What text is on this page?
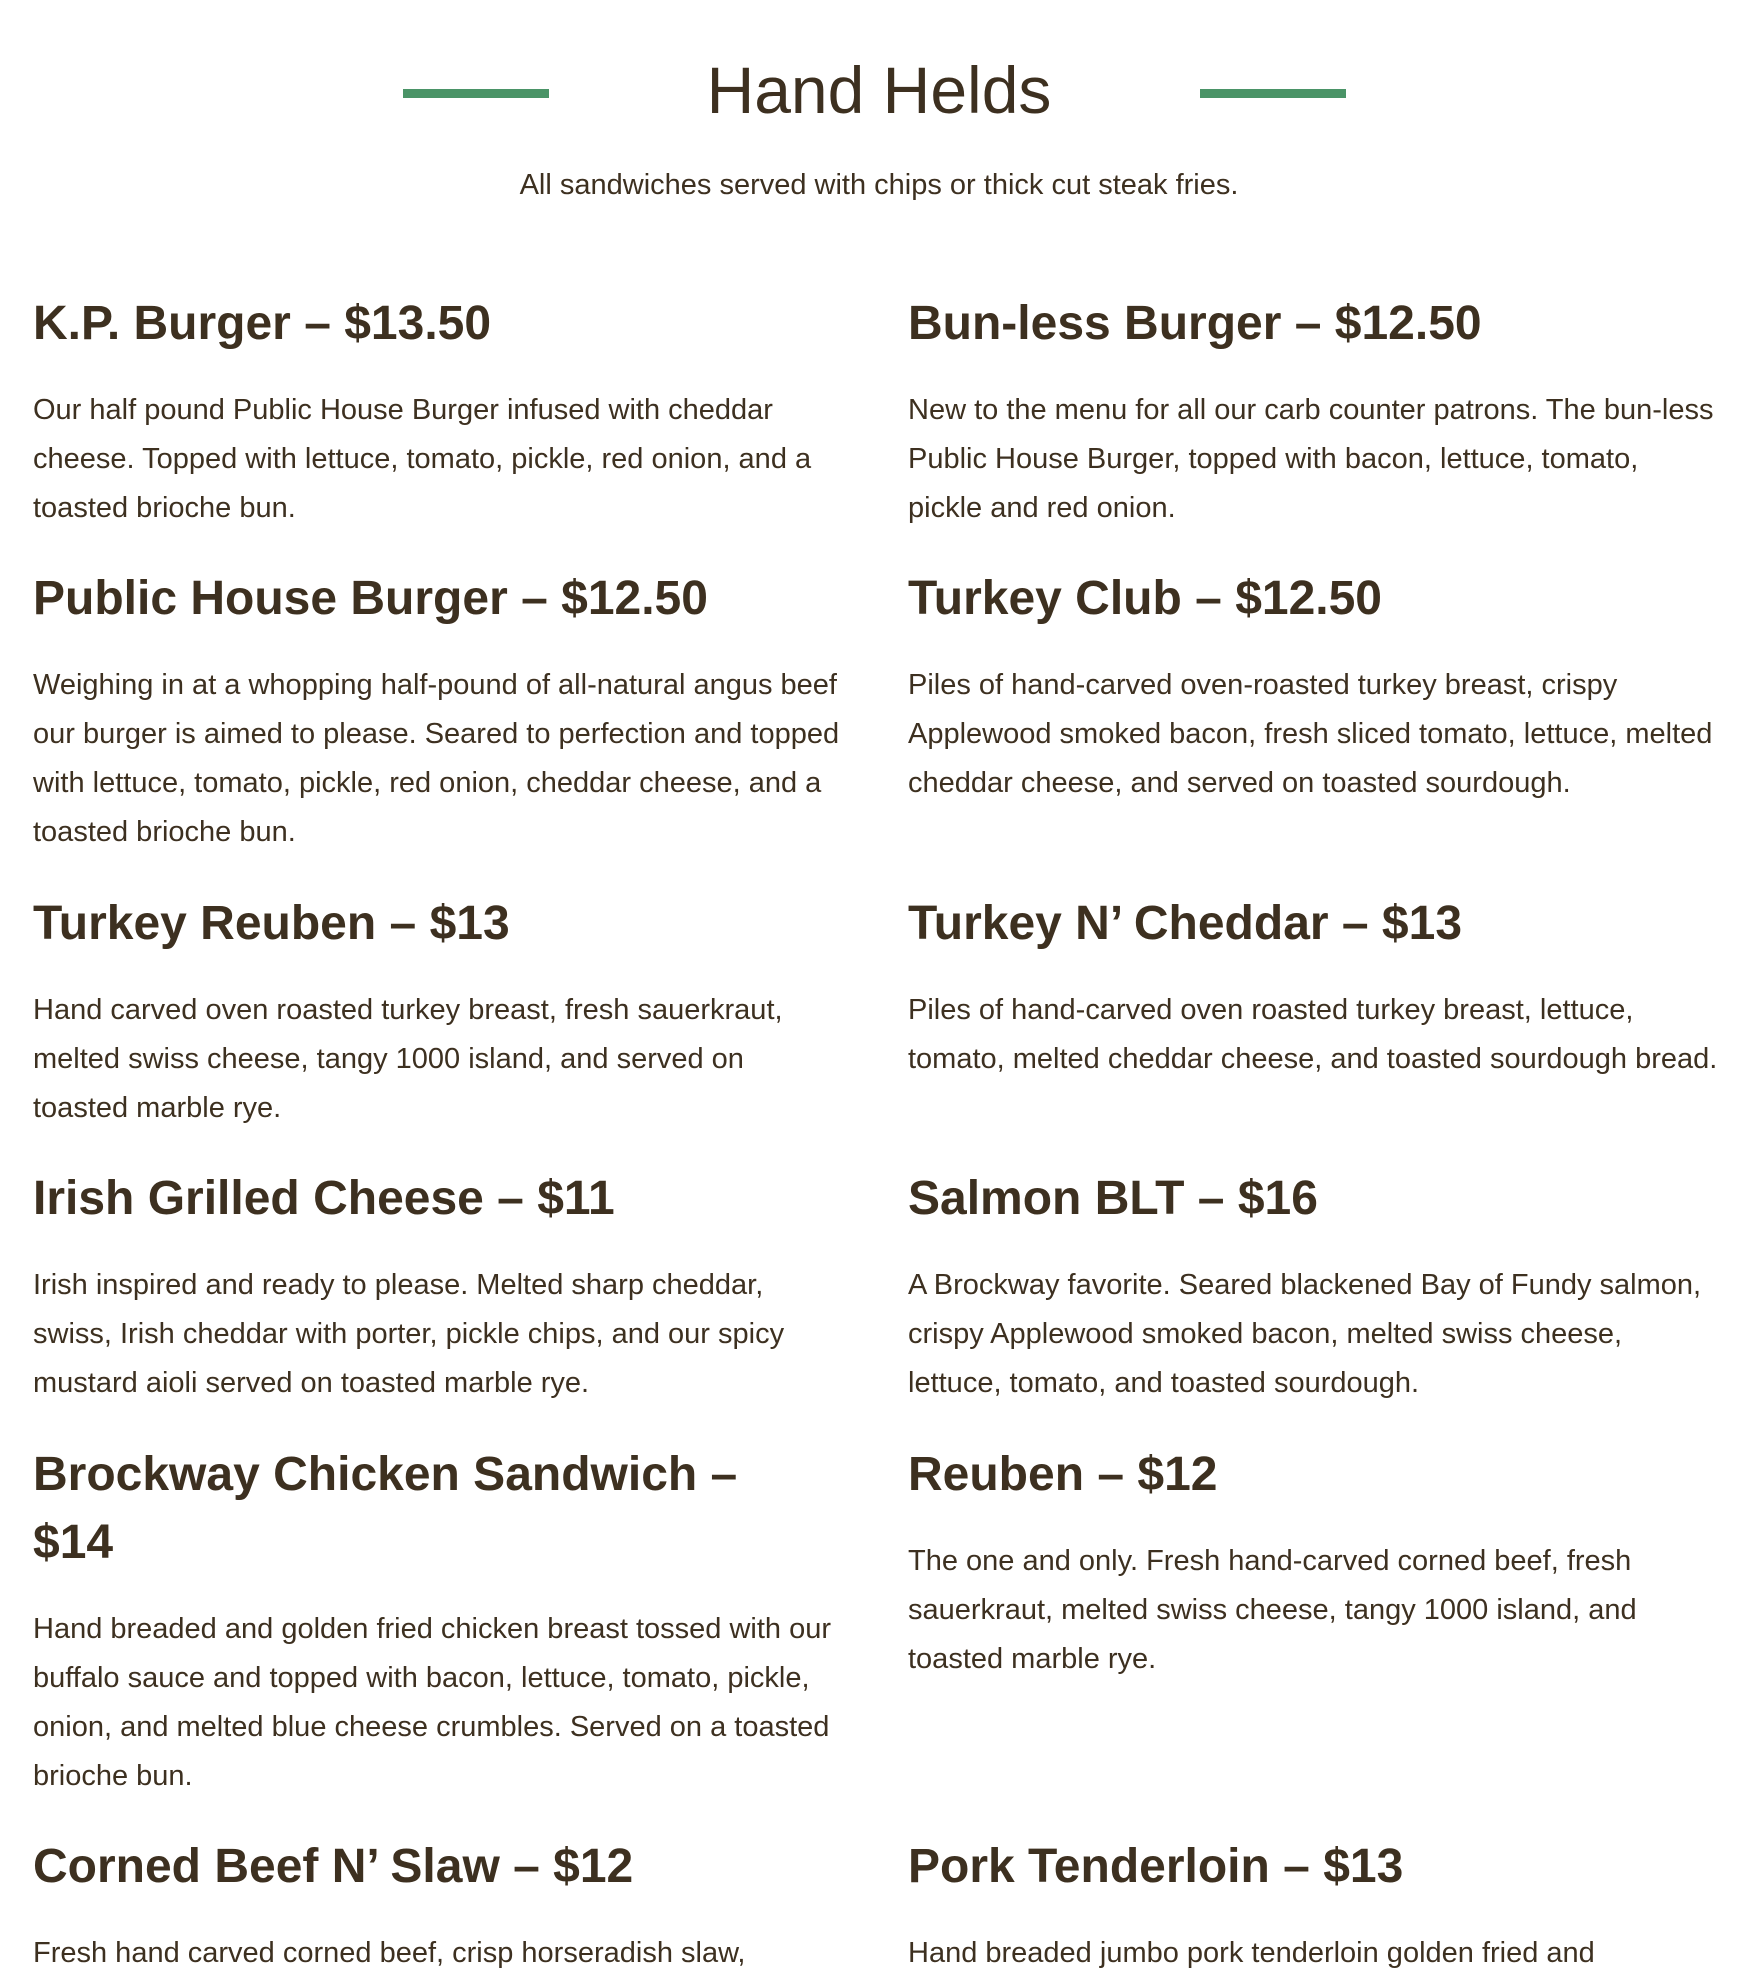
Hand Helds
All sandwiches served with chips or thick cut steak fries.
K.P. Burger – $13.50

Our half pound Public House Burger infused with cheddar cheese. Topped with lettuce, tomato, pickle, red onion, and a toasted brioche bun.

Bun-less Burger – $12.50

New to the menu for all our carb counter patrons. The bun-less Public House Burger, topped with bacon, lettuce, tomato, pickle and red onion.

Public House Burger – $12.50

Weighing in at a whopping half-pound of all-natural angus beef our burger is aimed to please. Seared to perfection and topped with lettuce, tomato, pickle, red onion, cheddar cheese, and a toasted brioche bun.

Turkey Club – $12.50

Piles of hand-carved oven-roasted turkey breast, crispy Applewood smoked bacon, fresh sliced tomato, lettuce, melted cheddar cheese, and served on toasted sourdough.

Turkey Reuben – $13

Hand carved oven roasted turkey breast, fresh sauerkraut, melted swiss cheese, tangy 1000 island, and served on toasted marble rye.

Turkey N’ Cheddar – $13

Piles of hand-carved oven roasted turkey breast, lettuce, tomato, melted cheddar cheese, and toasted sourdough bread.

Irish Grilled Cheese – $11

Irish inspired and ready to please. Melted sharp cheddar, swiss, Irish cheddar with porter, pickle chips, and our spicy mustard aioli served on toasted marble rye.

Salmon BLT – $16

A Brockway favorite. Seared blackened Bay of Fundy salmon, crispy Applewood smoked bacon, melted swiss cheese, lettuce, tomato, and toasted sourdough.

Brockway Chicken Sandwich – $14

Hand breaded and golden fried chicken breast tossed with our buffalo sauce and topped with bacon, lettuce, tomato, pickle, onion, and melted blue cheese crumbles. Served on a toasted brioche bun.

Reuben – $12

The one and only. Fresh hand-carved corned beef, fresh sauerkraut, melted swiss cheese, tangy 1000 island, and toasted marble rye.

Corned Beef N’ Slaw – $12

Fresh hand carved corned beef, crisp horseradish slaw,

Pork Tenderloin – $13

Hand breaded jumbo pork tenderloin golden fried and
